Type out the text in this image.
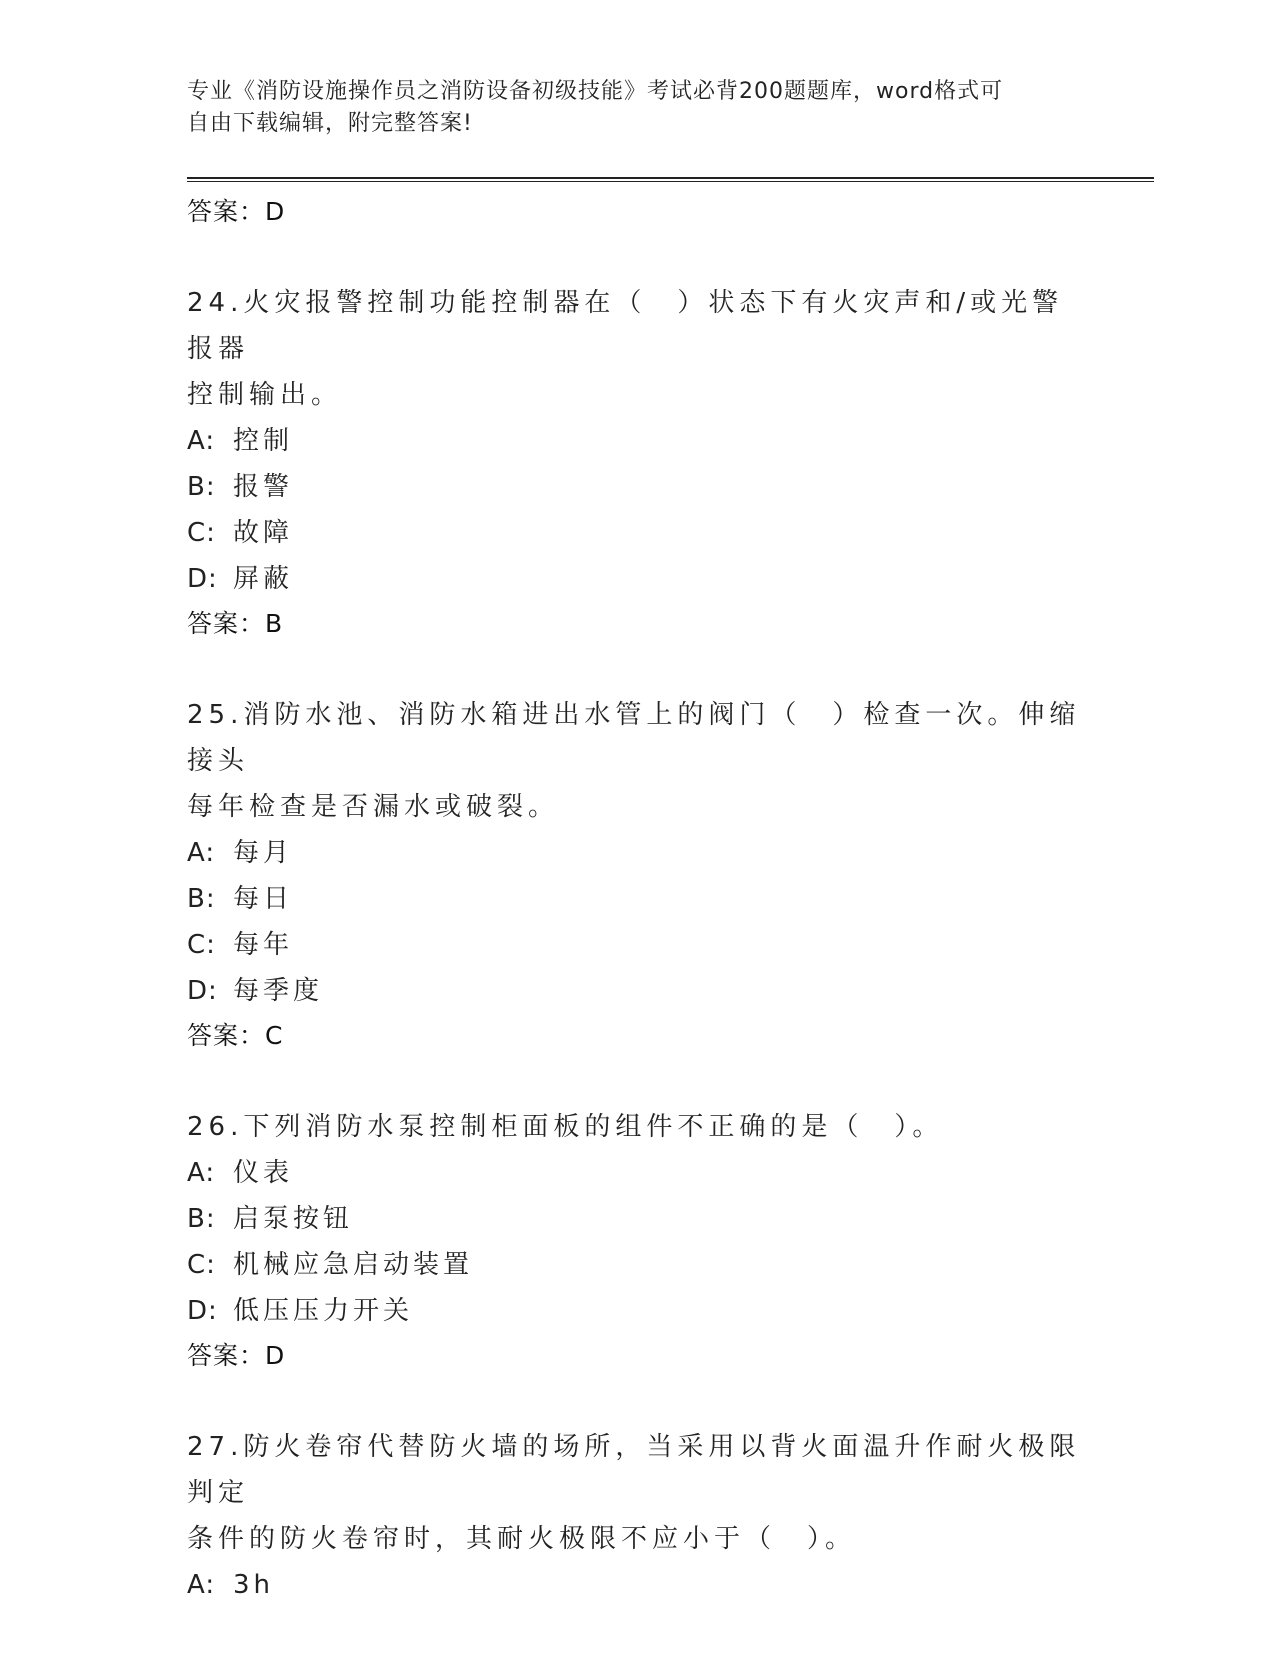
专业《消防设施操作员之消防设备初级技能》考试必背200题题库，word格式可
自由下载编辑，附完整答案!
答案：D
24.火灾报警控制功能控制器在（　）状态下有火灾声和/或光警报器
控制输出。
A: 控制
B: 报警
C: 故障
D: 屏蔽
答案：B
25.消防水池、消防水箱进出水管上的阀门（　）检查一次。伸缩接头
每年检查是否漏水或破裂。
A: 每月
B: 每日
C: 每年
D: 每季度
答案：C
26.下列消防水泵控制柜面板的组件不正确的是（　）。
A: 仪表
B: 启泵按钮
C: 机械应急启动装置
D: 低压压力开关
答案：D
27.防火卷帘代替防火墙的场所，当采用以背火面温升作耐火极限判定
条件的防火卷帘时，其耐火极限不应小于（　）。
A: 3h
